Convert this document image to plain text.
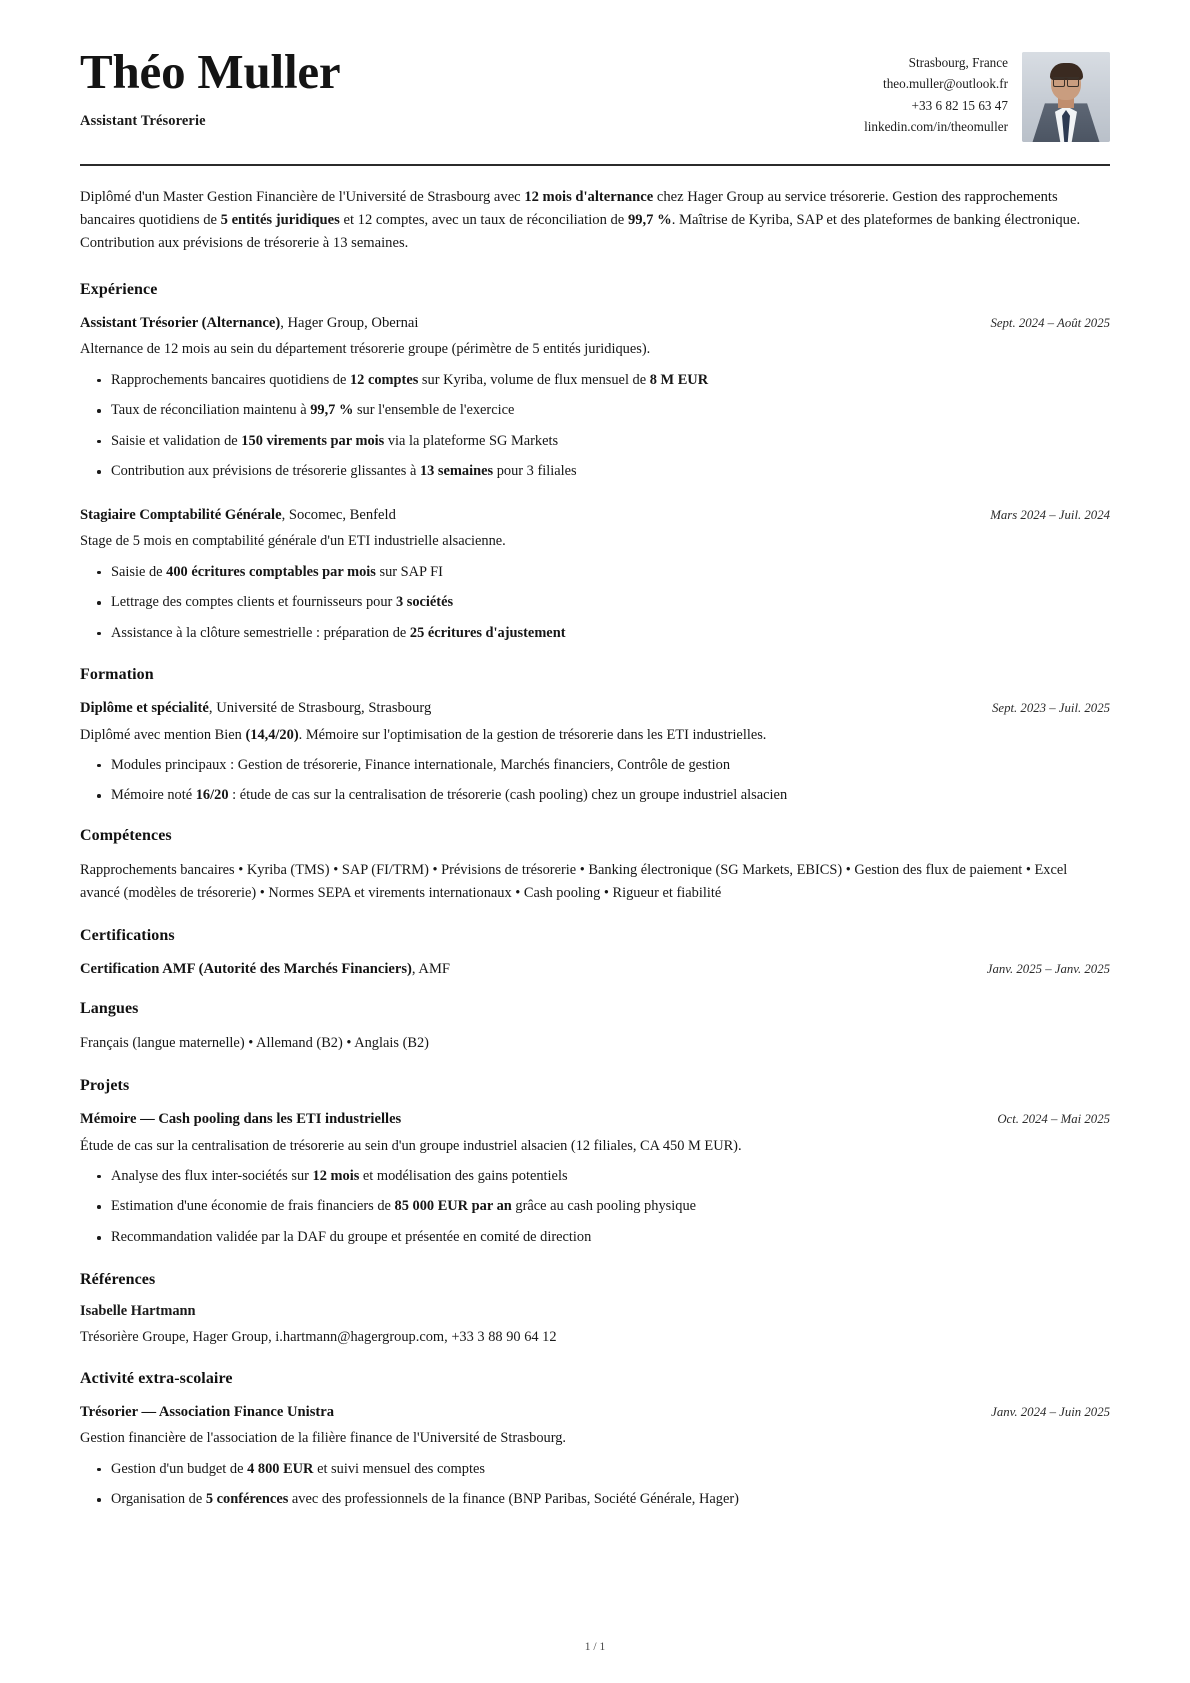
Théo Muller
Assistant Trésorerie
Strasbourg, France
theo.muller@outlook.fr
+33 6 82 15 63 47
linkedin.com/in/theomuller

Diplômé d'un Master Gestion Financière de l'Université de Strasbourg avec 12 mois d'alternance chez Hager Group au service trésorerie. Gestion des rapprochements bancaires quotidiens de 5 entités juridiques et 12 comptes, avec un taux de réconciliation de 99,7 %. Maîtrise de Kyriba, SAP et des plateformes de banking électronique. Contribution aux prévisions de trésorerie à 13 semaines.

Expérience
Assistant Trésorier (Alternance), Hager Group, Obernai	Sept. 2024 – Août 2025

Alternance de 12 mois au sein du département trésorerie groupe (périmètre de 5 entités juridiques).

Rapprochements bancaires quotidiens de 12 comptes sur Kyriba, volume de flux mensuel de 8 M EUR
Taux de réconciliation maintenu à 99,7 % sur l'ensemble de l'exercice
Saisie et validation de 150 virements par mois via la plateforme SG Markets
Contribution aux prévisions de trésorerie glissantes à 13 semaines pour 3 filiales
Stagiaire Comptabilité Générale, Socomec, Benfeld	Mars 2024 – Juil. 2024

Stage de 5 mois en comptabilité générale d'un ETI industrielle alsacienne.

Saisie de 400 écritures comptables par mois sur SAP FI
Lettrage des comptes clients et fournisseurs pour 3 sociétés
Assistance à la clôture semestrielle : préparation de 25 écritures d'ajustement
Formation
Diplôme et spécialité, Université de Strasbourg, Strasbourg	Sept. 2023 – Juil. 2025

Diplômé avec mention Bien (14,4/20). Mémoire sur l'optimisation de la gestion de trésorerie dans les ETI industrielles.

Modules principaux : Gestion de trésorerie, Finance internationale, Marchés financiers, Contrôle de gestion
Mémoire noté 16/20 : étude de cas sur la centralisation de trésorerie (cash pooling) chez un groupe industriel alsacien
Compétences

Rapprochements bancaires • Kyriba (TMS) • SAP (FI/TRM) • Prévisions de trésorerie • Banking électronique (SG Markets, EBICS) • Gestion des flux de paiement • Excel avancé (modèles de trésorerie) • Normes SEPA et virements internationaux • Cash pooling • Rigueur et fiabilité

Certifications
Certification AMF (Autorité des Marchés Financiers), AMF	Janv. 2025 – Janv. 2025
Langues

Français (langue maternelle) • Allemand (B2) • Anglais (B2)

Projets
Mémoire — Cash pooling dans les ETI industrielles	Oct. 2024 – Mai 2025

Étude de cas sur la centralisation de trésorerie au sein d'un groupe industriel alsacien (12 filiales, CA 450 M EUR).

Analyse des flux inter-sociétés sur 12 mois et modélisation des gains potentiels
Estimation d'une économie de frais financiers de 85 000 EUR par an grâce au cash pooling physique
Recommandation validée par la DAF du groupe et présentée en comité de direction
Références

Isabelle Hartmann

Trésorière Groupe, Hager Group, i.hartmann@hagergroup.com, +33 3 88 90 64 12

Activité extra-scolaire
Trésorier — Association Finance Unistra	Janv. 2024 – Juin 2025

Gestion financière de l'association de la filière finance de l'Université de Strasbourg.

Gestion d'un budget de 4 800 EUR et suivi mensuel des comptes
Organisation de 5 conférences avec des professionnels de la finance (BNP Paribas, Société Générale, Hager)
1 / 1
